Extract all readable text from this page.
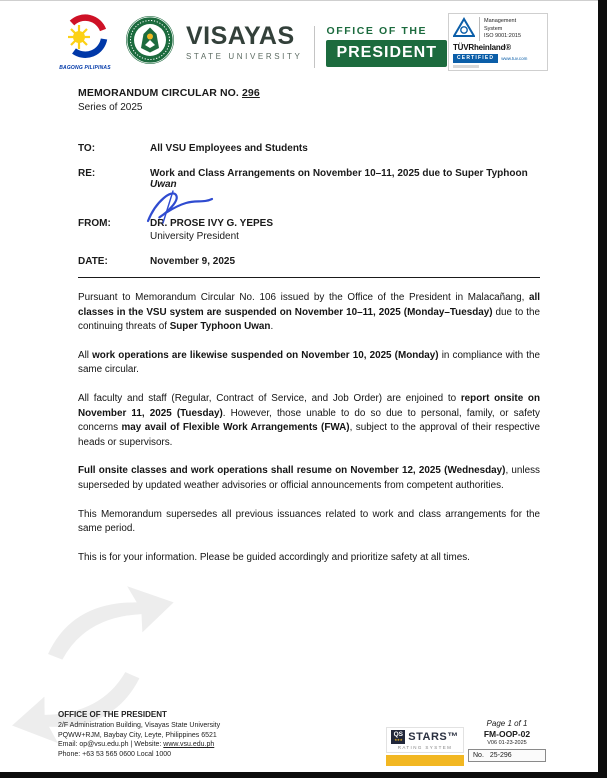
BAGONG PILIPINAS
VISAYAS
STATE UNIVERSITY
OFFICE OF THE
PRESIDENT
Management
System
ISO 9001:2015
TÜVRheinland®
CERTIFIED	www.tuv.com
MEMORANDUM CIRCULAR NO. 296
Series of 2025
TO:	All VSU Employees and Students
RE:	Work and Class Arrangements on November 10–11, 2025 due to Super Typhoon Uwan
FROM:	DR. PROSE IVY G. YEPES
University President
DATE:	November 9, 2025

Pursuant to Memorandum Circular No. 106 issued by the Office of the President in Malacañang, all classes in the VSU system are suspended on November 10–11, 2025 (Monday–Tuesday) due to the continuing threats of Super Typhoon Uwan.

All work operations are likewise suspended on November 10, 2025 (Monday) in compliance with the same circular.

All faculty and staff (Regular, Contract of Service, and Job Order) are enjoined to report onsite on November 11, 2025 (Tuesday). However, those unable to do so due to personal, family, or safety concerns may avail of Flexible Work Arrangements (FWA), subject to the approval of their respective heads or supervisors.

Full onsite classes and work operations shall resume on November 12, 2025 (Wednesday), unless superseded by updated weather advisories or official announcements from competent authorities.

This Memorandum supersedes all previous issuances related to work and class arrangements for the same period.

This is for your information. Please be guided accordingly and prioritize safety at all times.

OFFICE OF THE PRESIDENT
2/F Administration Building, Visayas State University
PQWW+RJM, Baybay City, Leyte, Philippines 6521
Email: op@vsu.edu.ph | Website: www.vsu.edu.ph
Phone: +63 53 565 0600 Local 1000
QS
★★★ STARS™
RATING SYSTEM
Page 1 of 1
FM-OOP-02
V06 01-23-2025
No. 25-296
